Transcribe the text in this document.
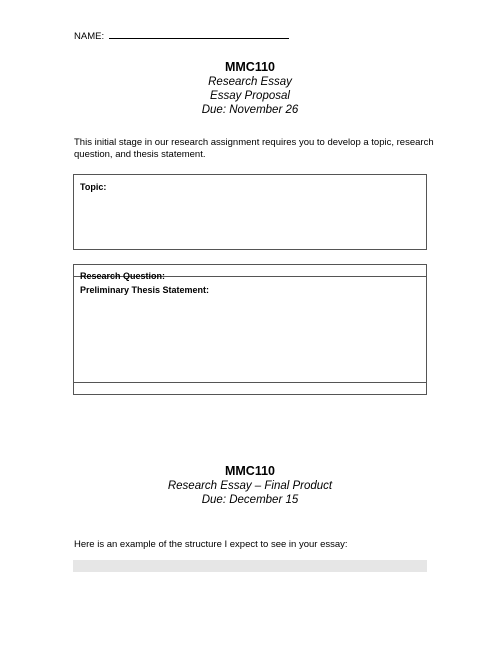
NAME:
MMC110
Research Essay
Essay Proposal
Due: November 26
This initial stage in our research assignment requires you to develop a topic, research question, and thesis statement.
Topic:
Research Question:
Preliminary Thesis Statement:
MMC110
Research Essay – Final Product
Due: December 15
Here is an example of the structure I expect to see in your essay:
